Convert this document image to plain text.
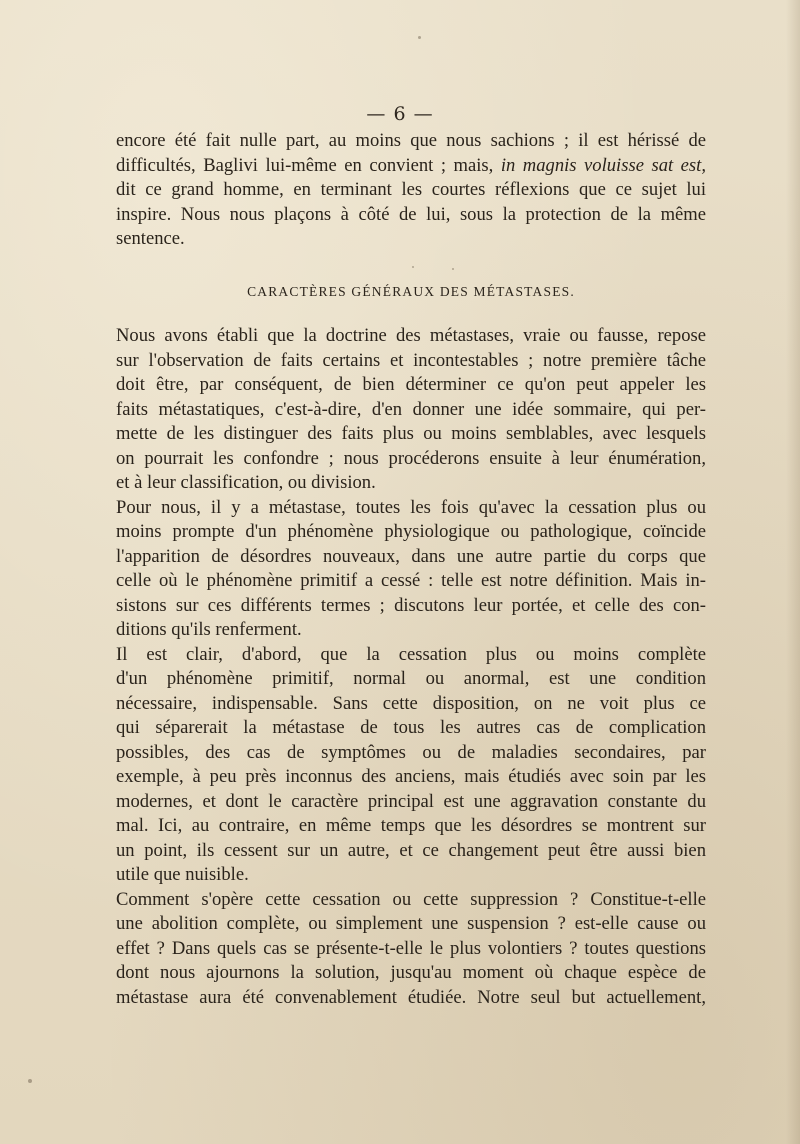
— 6 —
encore été fait nulle part, au moins que nous sachions ; il est hérissé de
difficultés, Baglivi lui-même en convient ; mais, in magnis voluisse sat est,
dit ce grand homme, en terminant les courtes réflexions que ce sujet lui
inspire. Nous nous plaçons à côté de lui, sous la protection de la même
sentence.
CARACTÈRES GÉNÉRAUX DES MÉTASTASES.
Nous avons établi que la doctrine des métastases, vraie ou fausse, repose
sur l'observation de faits certains et incontestables ; notre première tâche
doit être, par conséquent, de bien déterminer ce qu'on peut appeler les
faits métastatiques, c'est-à-dire, d'en donner une idée sommaire, qui per-
mette de les distinguer des faits plus ou moins semblables, avec lesquels
on pourrait les confondre ; nous procéderons ensuite à leur énumération,
et à leur classification, ou division.
Pour nous, il y a métastase, toutes les fois qu'avec la cessation plus ou
moins prompte d'un phénomène physiologique ou pathologique, coïncide
l'apparition de désordres nouveaux, dans une autre partie du corps que
celle où le phénomène primitif a cessé : telle est notre définition. Mais in-
sistons sur ces différents termes ; discutons leur portée, et celle des con-
ditions qu'ils renferment.
Il est clair, d'abord, que la cessation plus ou moins complète
d'un phénomène primitif, normal ou anormal, est une condition
nécessaire, indispensable. Sans cette disposition, on ne voit plus ce
qui séparerait la métastase de tous les autres cas de complication
possibles, des cas de symptômes ou de maladies secondaires, par
exemple, à peu près inconnus des anciens, mais étudiés avec soin par les
modernes, et dont le caractère principal est une aggravation constante du
mal. Ici, au contraire, en même temps que les désordres se montrent sur
un point, ils cessent sur un autre, et ce changement peut être aussi bien
utile que nuisible.
Comment s'opère cette cessation ou cette suppression ? Constitue-t-elle
une abolition complète, ou simplement une suspension ? est-elle cause ou
effet ? Dans quels cas se présente-t-elle le plus volontiers ? toutes questions
dont nous ajournons la solution, jusqu'au moment où chaque espèce de
métastase aura été convenablement étudiée. Notre seul but actuellement,
